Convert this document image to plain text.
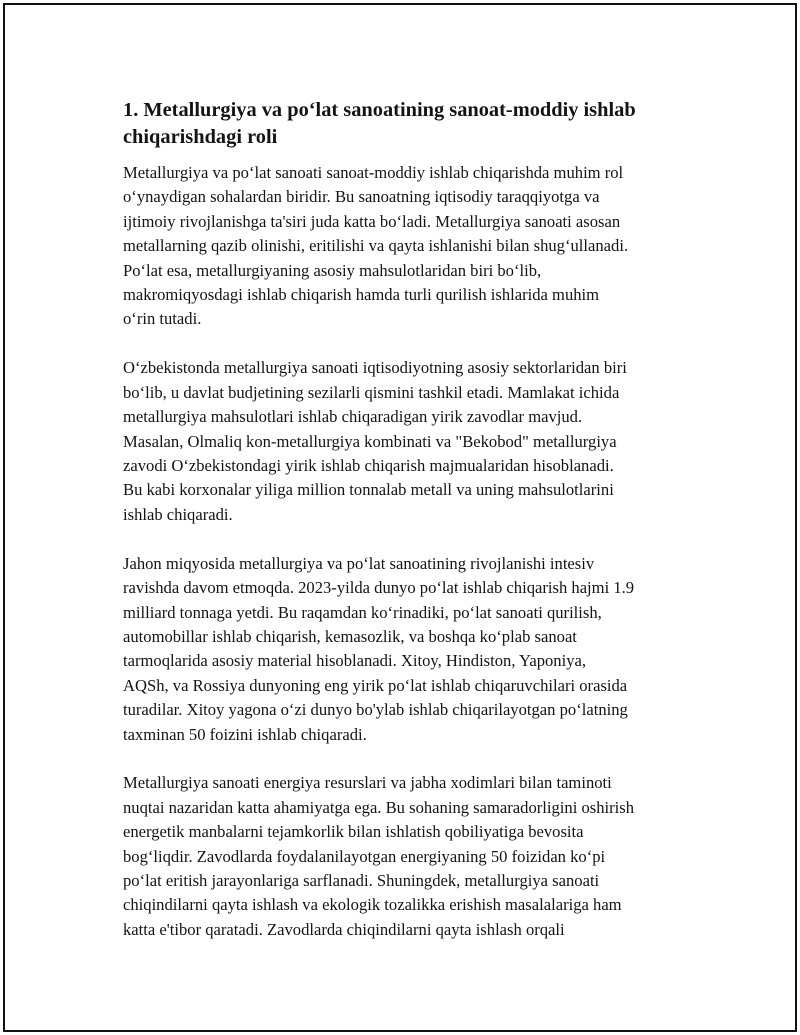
1. Metallurgiya va po‘lat sanoatining sanoat-moddiy ishlab
chiqarishdagi roli

Metallurgiya va po‘lat sanoati sanoat-moddiy ishlab chiqarishda muhim rol
o‘ynaydigan sohalardan biridir. Bu sanoatning iqtisodiy taraqqiyotga va
ijtimoiy rivojlanishga ta'siri juda katta bo‘ladi. Metallurgiya sanoati asosan
metallarning qazib olinishi, eritilishi va qayta ishlanishi bilan shug‘ullanadi.
Po‘lat esa, metallurgiyaning asosiy mahsulotlaridan biri bo‘lib,
makromiqyosdagi ishlab chiqarish hamda turli qurilish ishlarida muhim
o‘rin tutadi.

O‘zbekistonda metallurgiya sanoati iqtisodiyotning asosiy sektorlaridan biri
bo‘lib, u davlat budjetining sezilarli qismini tashkil etadi. Mamlakat ichida
metallurgiya mahsulotlari ishlab chiqaradigan yirik zavodlar mavjud.
Masalan, Olmaliq kon-metallurgiya kombinati va "Bekobod" metallurgiya
zavodi O‘zbekistondagi yirik ishlab chiqarish majmualaridan hisoblanadi.
Bu kabi korxonalar yiliga million tonnalab metall va uning mahsulotlarini
ishlab chiqaradi.

Jahon miqyosida metallurgiya va po‘lat sanoatining rivojlanishi intesiv
ravishda davom etmoqda. 2023-yilda dunyo po‘lat ishlab chiqarish hajmi 1.9
milliard tonnaga yetdi. Bu raqamdan ko‘rinadiki, po‘lat sanoati qurilish,
automobillar ishlab chiqarish, kemasozlik, va boshqa ko‘plab sanoat
tarmoqlarida asosiy material hisoblanadi. Xitoy, Hindiston, Yaponiya,
AQSh, va Rossiya dunyoning eng yirik po‘lat ishlab chiqaruvchilari orasida
turadilar. Xitoy yagona o‘zi dunyo bo'ylab ishlab chiqarilayotgan po‘latning
taxminan 50 foizini ishlab chiqaradi.

Metallurgiya sanoati energiya resurslari va jabha xodimlari bilan taminoti
nuqtai nazaridan katta ahamiyatga ega. Bu sohaning samaradorligini oshirish
energetik manbalarni tejamkorlik bilan ishlatish qobiliyatiga bevosita
bog‘liqdir. Zavodlarda foydalanilayotgan energiyaning 50 foizidan ko‘pi
po‘lat eritish jarayonlariga sarflanadi. Shuningdek, metallurgiya sanoati
chiqindilarni qayta ishlash va ekologik tozalikka erishish masalalariga ham
katta e'tibor qaratadi. Zavodlarda chiqindilarni qayta ishlash orqali
